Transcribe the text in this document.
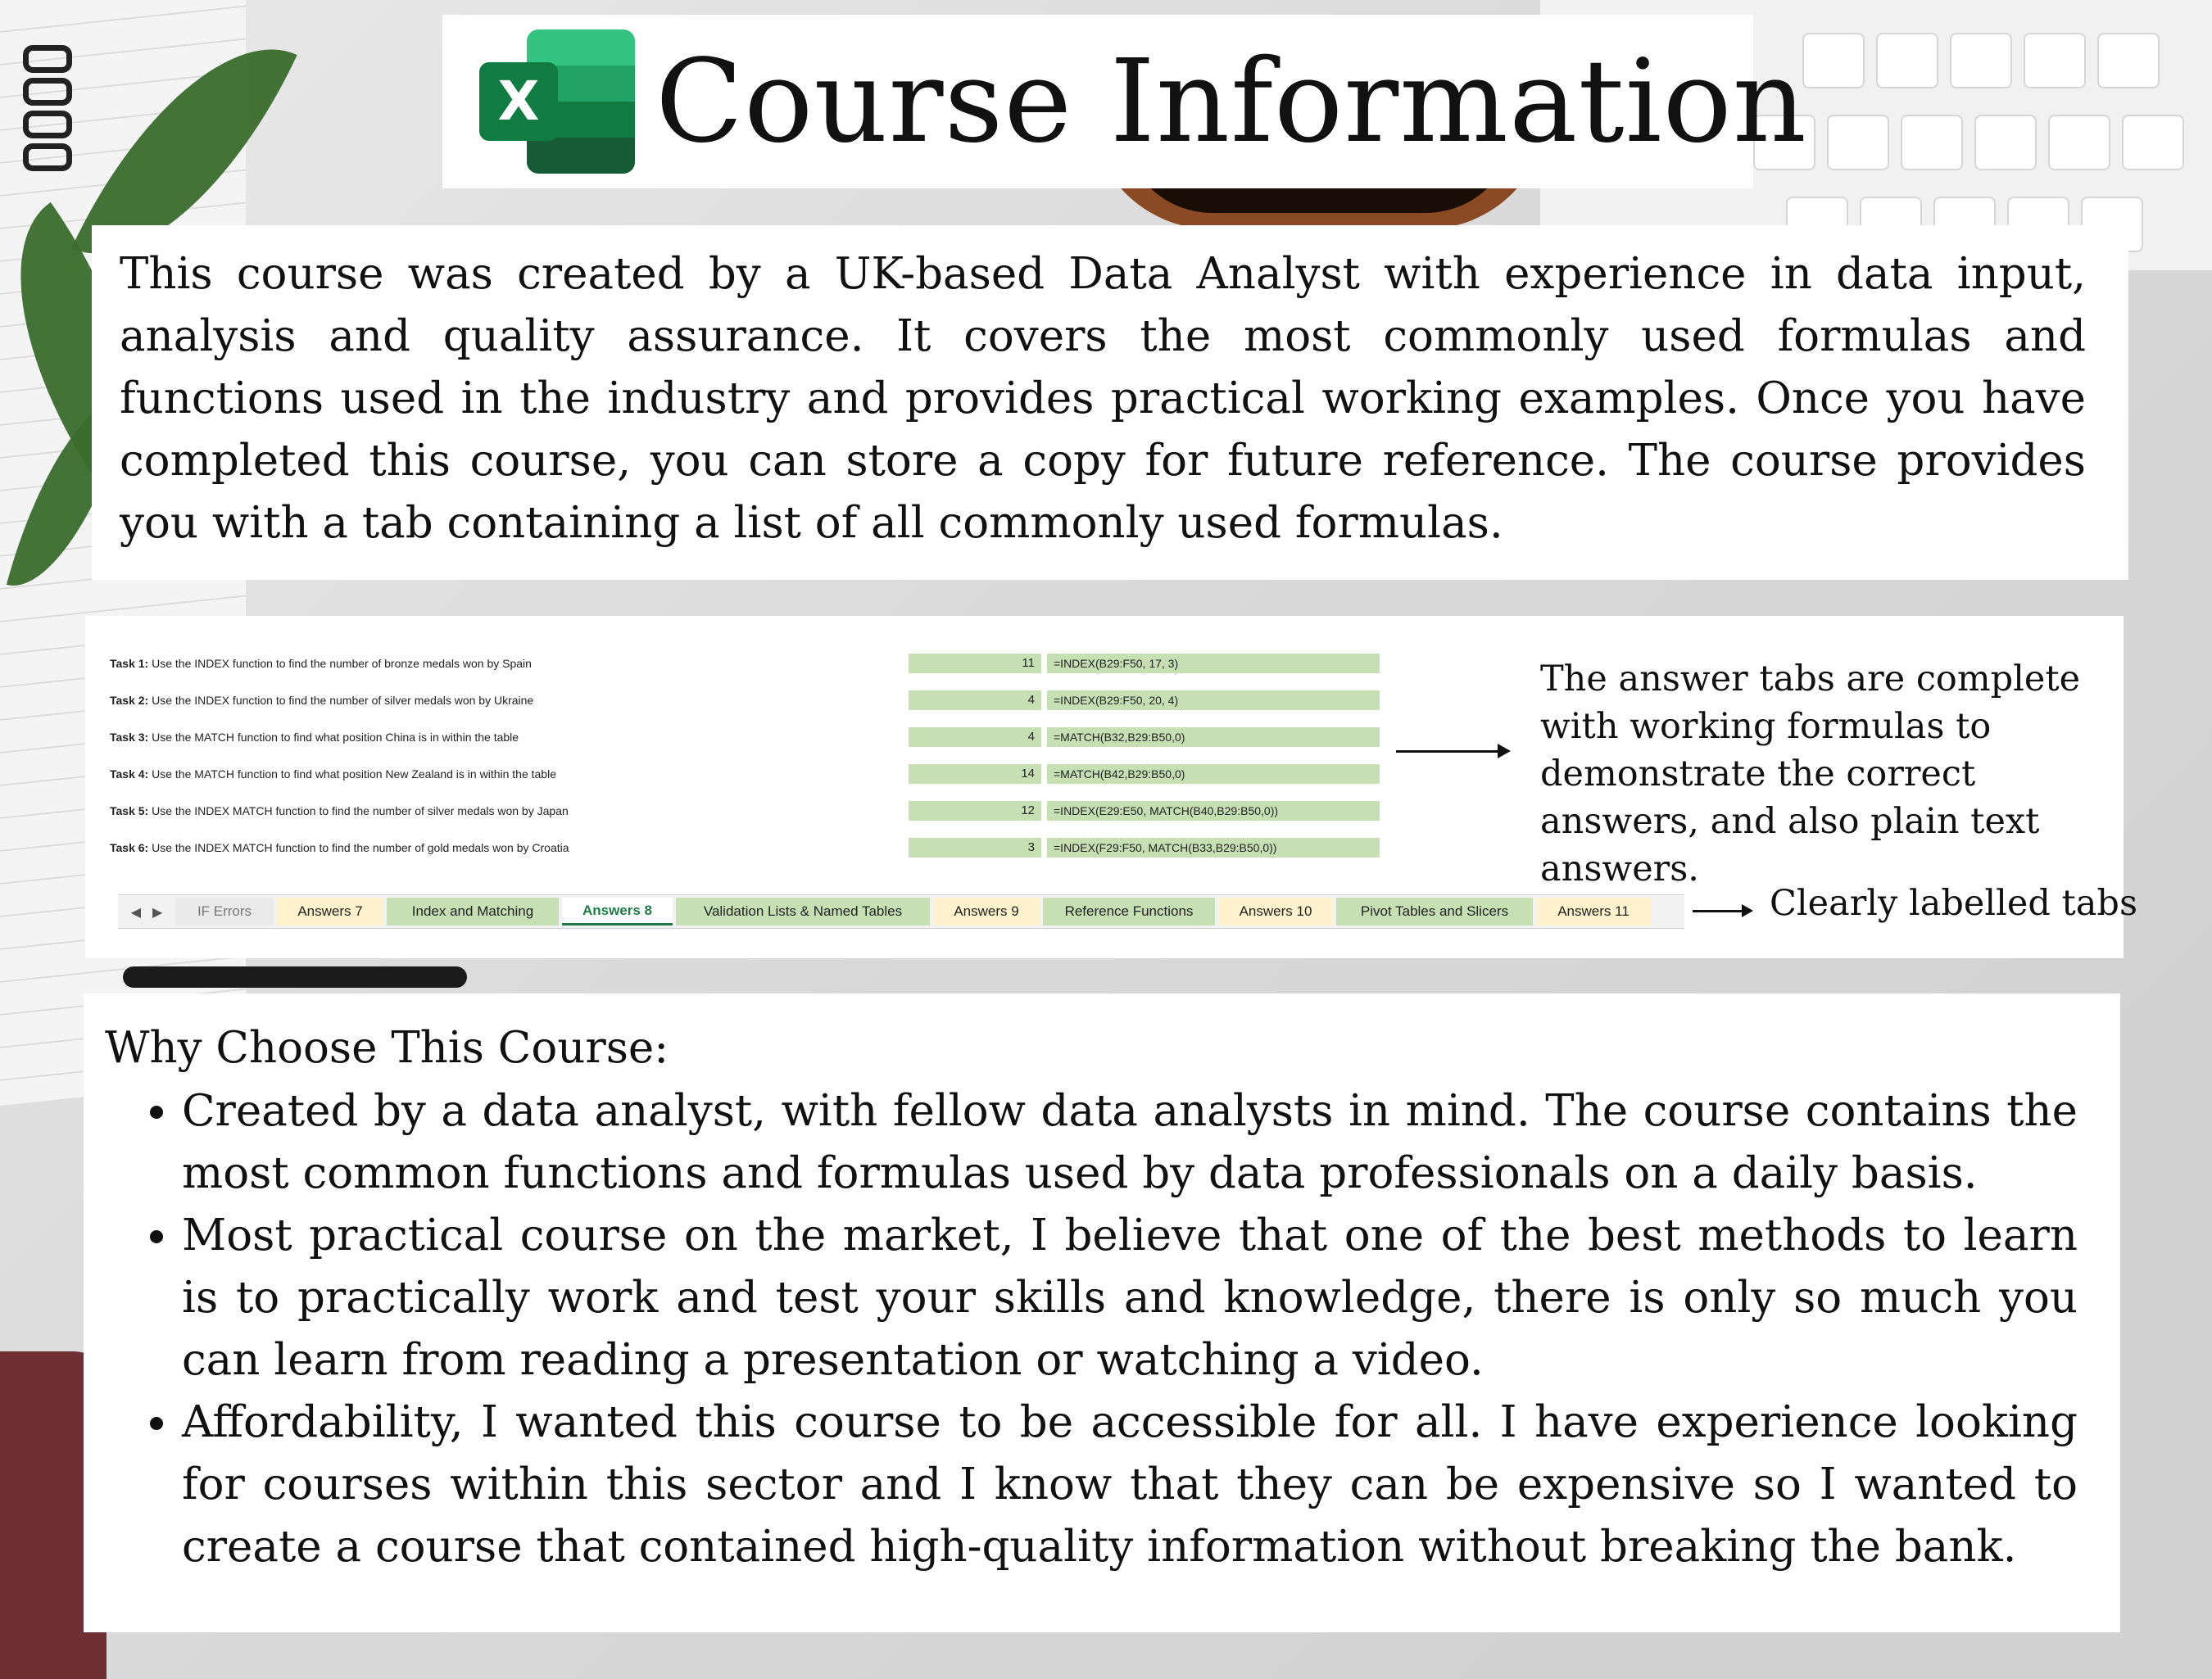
X Course Information

This course was created by a UK-based Data Analyst with experience in data input, analysis and quality assurance. It covers the most commonly used formulas and functions used in the industry and provides practical working examples. Once you have completed this course, you can store a copy for future reference. The course provides you with a tab containing a list of all commonly used formulas.

Task 1: Use the INDEX function to find the number of bronze medals won by Spain	11	=INDEX(B29:F50, 17, 3)
Task 2: Use the INDEX function to find the number of silver medals won by Ukraine	4	=INDEX(B29:F50, 20, 4)
Task 3: Use the MATCH function to find what position China is in within the table	4	=MATCH(B32,B29:B50,0)
Task 4: Use the MATCH function to find what position New Zealand is in within the table	14	=MATCH(B42,B29:B50,0)
Task 5: Use the INDEX MATCH function to find the number of silver medals won by Japan	12	=INDEX(E29:E50, MATCH(B40,B29:B50,0))
Task 6: Use the INDEX MATCH function to find the number of gold medals won by Croatia	3	=INDEX(F29:F50, MATCH(B33,B29:B50,0))

The answer tabs are complete with working formulas to demonstrate the correct answers, and also plain text answers.

◀ ▶	IF Errors	Answers 7	Index and Matching	Answers 8	Validation Lists & Named Tables	Answers 9	Reference Functions	Answers 10	Pivot Tables and Slicers	Answers 11	Clearly labelled tabs

Why Choose This Course:

• Created by a data analyst, with fellow data analysts in mind. The course contains the most common functions and formulas used by data professionals on a daily basis.
• Most practical course on the market, I believe that one of the best methods to learn is to practically work and test your skills and knowledge, there is only so much you can learn from reading a presentation or watching a video.
• Affordability, I wanted this course to be accessible for all. I have experience looking for courses within this sector and I know that they can be expensive so I wanted to create a course that contained high-quality information without breaking the bank.
